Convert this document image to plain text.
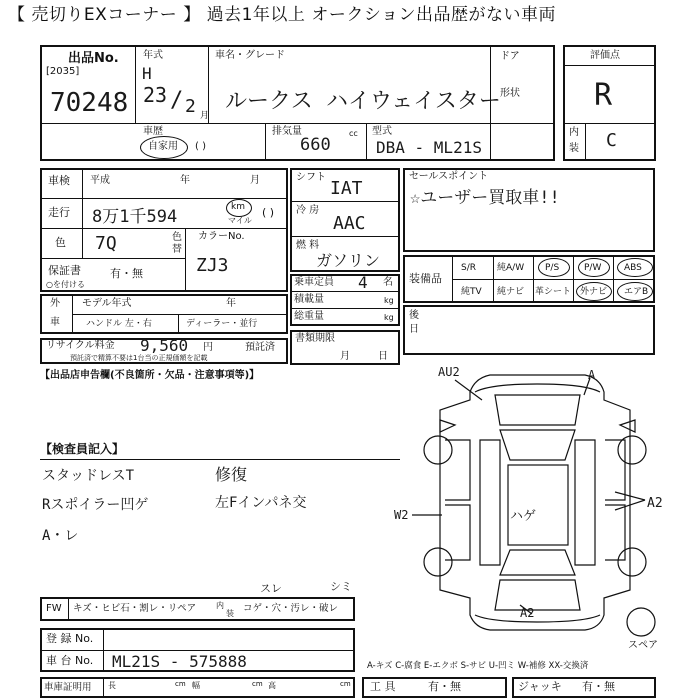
【 売切りEXコーナー 】 過去1年以上 オークション出品歴がない車両
出品No.
[2035]
70248
年式
H
23 / 2 月
車名・グレード
ルークス ハイウェイスター
ドア
形状
車歴
自家用 ( )
排気量
660
cc 型式
DBA - ML21S
評価点
R
内
装 C
車検 平成	年	月
走行 8万1千594	km
マイル
( )
色 7Q	色
替
カラーNo.
ZJ3
保証書
○を付ける
有・無
シフト
IAT
冷 房
AAC
燃 料
ガソリン
セールスポイント
☆ユーザー買取車!!
乗車定員 4 名
積載量	kg
総重量	kg
装備品
S/R 純A/W P/S	P/W	ABS
純TV 純ナビ 革シート 外ナビ エアB
外
車
モデル年式	年
ハンドル 左・右	ディーラー・並行
後
日
リサイクル料金 9,560 円	預託済
預託済で精算不要は1台当の正規価額を記載
書類期限
月	日
【出品店申告欄(不良箇所・欠品・注意事項等)】
【検査員記入】
スタッドレスT	修復
Rスポイラー凹ゲ	左Fインパネ交
A・レ
AU2	A
W2	ハゲ
A2
A2
スペア
スレ	シミ
FW キズ・ヒビ石・割レ・リペア 内
装 コゲ・穴・汚レ・破レ
登 録 No.
車 台 No. ML21S - 575888	A-キズ C-腐食 E-エクボ S-サビ U-凹ミ W-補修 XX-交換済
車庫証明用 長	cm 幅	cm 高	cm 工 具	有・無	ジャッキ 有・無
